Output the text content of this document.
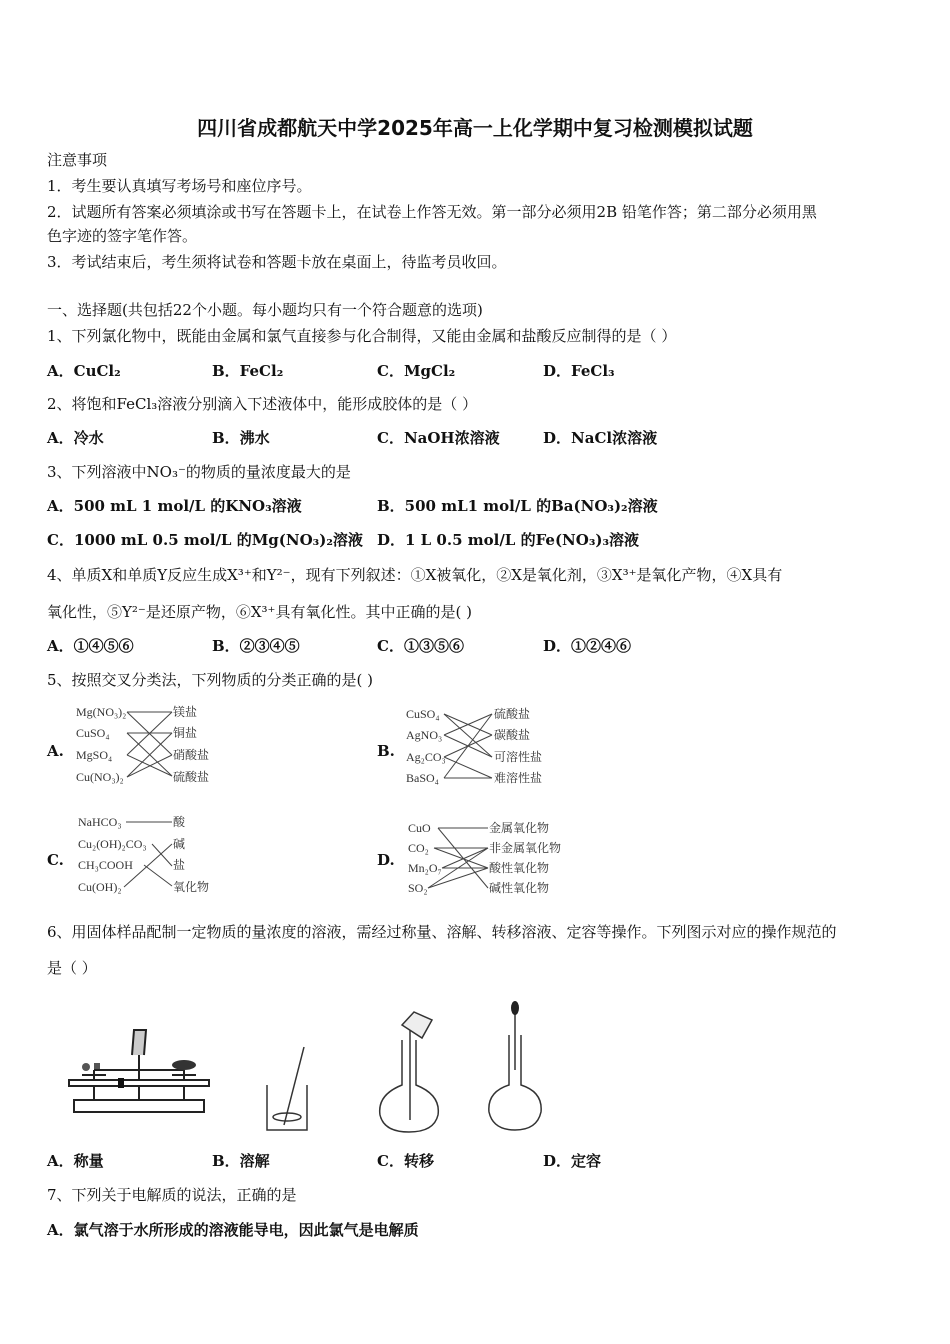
四川省成都航天中学2025年高一上化学期中复习检测模拟试题
注意事项
1．考生要认真填写考场号和座位序号。
2．试题所有答案必须填涂或书写在答题卡上，在试卷上作答无效。第一部分必须用2B 铅笔作答；第二部分必须用黑
色字迹的签字笔作答。
3．考试结束后，考生须将试卷和答题卡放在桌面上，待监考员收回。
一、选择题(共包括22个小题。每小题均只有一个符合题意的选项)
1、下列氯化物中，既能由金属和氯气直接参与化合制得，又能由金属和盐酸反应制得的是（ ）
A．CuCl₂	B．FeCl₂	C．MgCl₂	D．FeCl₃
2、将饱和FeCl₃溶液分别滴入下述液体中，能形成胶体的是（ ）
A．冷水	B．沸水	C．NaOH浓溶液	D．NaCl浓溶液
3、下列溶液中NO₃⁻的物质的量浓度最大的是
A．500 mL 1 mol/L 的KNO₃溶液	B．500 mL1 mol/L 的Ba(NO₃)₂溶液
C．1000 mL 0.5 mol/L 的Mg(NO₃)₂溶液 D．1 L 0.5 mol/L 的Fe(NO₃)₃溶液
4、单质X和单质Y反应生成X³⁺和Y²⁻，现有下列叙述：①X被氧化，②X是氧化剂，③X³⁺是氧化产物，④X具有
氧化性，⑤Y²⁻是还原产物，⑥X³⁺具有氧化性。其中正确的是( )
A．①④⑤⑥	B．②③④⑤	C．①③⑤⑥	D．①②④⑥
5、按照交叉分类法，下列物质的分类正确的是( )
A.
Mg(NO₃)₂
CuSO₄
MgSO₄
Cu(NO₃)₂
镁盐
铜盐
硝酸盐
硫酸盐
B.
CuSO₄
AgNO₃
Ag₂CO₃
BaSO₄
硫酸盐
碳酸盐
可溶性盐
难溶性盐
C.
NaHCO₃
Cu₂(OH)₂CO₃
CH₃COOH
Cu(OH)₂
酸
碱
盐
氧化物
D.
CuO
CO₂
Mn₂O₇
SO₂
金属氧化物
非金属氧化物
酸性氧化物
碱性氧化物
6、用固体样品配制一定物质的量浓度的溶液，需经过称量、溶解、转移溶液、定容等操作。下列图示对应的操作规范的
是（ ）
A．称量	B．溶解	C．转移	D．定容
7、下列关于电解质的说法，正确的是
A．氯气溶于水所形成的溶液能导电，因此氯气是电解质
